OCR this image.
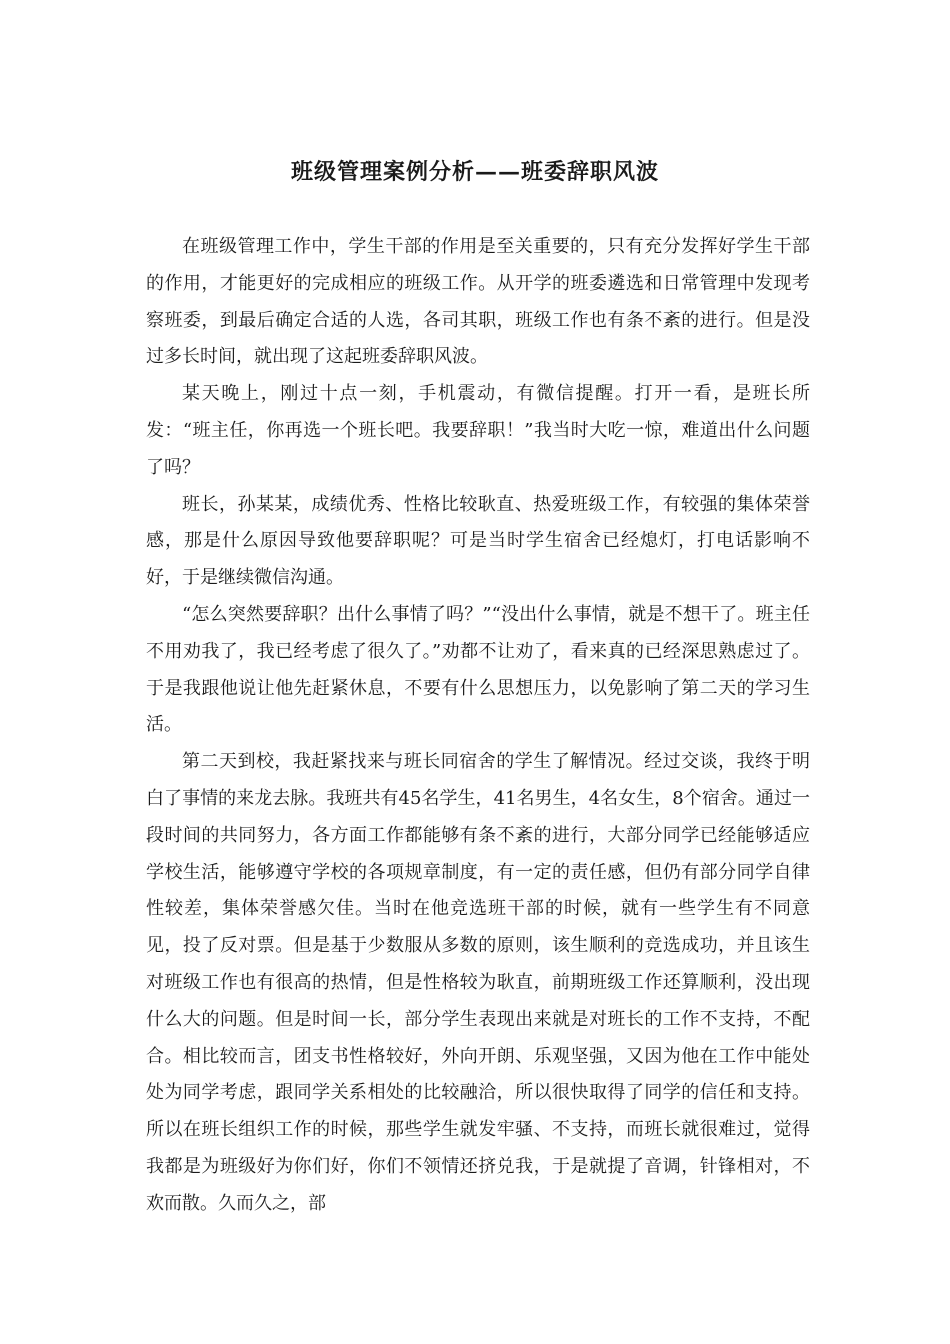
班级管理案例分析——班委辞职风波

在班级管理工作中，学生干部的作用是至关重要的，只有充分发挥好学生干部的作用，才能更好的完成相应的班级工作。从开学的班委遴选和日常管理中发现考察班委，到最后确定合适的人选，各司其职，班级工作也有条不紊的进行。但是没过多长时间，就出现了这起班委辞职风波。

某天晚上，刚过十点一刻，手机震动，有微信提醒。打开一看，是班长所发：“班主任，你再选一个班长吧。我要辞职！”我当时大吃一惊，难道出什么问题了吗？

班长，孙某某，成绩优秀、性格比较耿直、热爱班级工作，有较强的集体荣誉感，那是什么原因导致他要辞职呢？可是当时学生宿舍已经熄灯，打电话影响不好，于是继续微信沟通。

“怎么突然要辞职？出什么事情了吗？”“没出什么事情，就是不想干了。班主任不用劝我了，我已经考虑了很久了。”劝都不让劝了，看来真的已经深思熟虑过了。于是我跟他说让他先赶紧休息，不要有什么思想压力，以免影响了第二天的学习生活。

第二天到校，我赶紧找来与班长同宿舍的学生了解情况。经过交谈，我终于明白了事情的来龙去脉。我班共有45名学生，41名男生，4名女生，8个宿舍。通过一段时间的共同努力，各方面工作都能够有条不紊的进行，大部分同学已经能够适应学校生活，能够遵守学校的各项规章制度，有一定的责任感，但仍有部分同学自律性较差，集体荣誉感欠佳。当时在他竞选班干部的时候，就有一些学生有不同意见，投了反对票。但是基于少数服从多数的原则，该生顺利的竞选成功，并且该生对班级工作也有很高的热情，但是性格较为耿直，前期班级工作还算顺利，没出现什么大的问题。但是时间一长，部分学生表现出来就是对班长的工作不支持，不配合。相比较而言，团支书性格较好，外向开朗、乐观坚强，又因为他在工作中能处处为同学考虑，跟同学关系相处的比较融洽，所以很快取得了同学的信任和支持。所以在班长组织工作的时候，那些学生就发牢骚、不支持，而班长就很难过，觉得我都是为班级好为你们好，你们不领情还挤兑我，于是就提了音调，针锋相对，不欢而散。久而久之，部
